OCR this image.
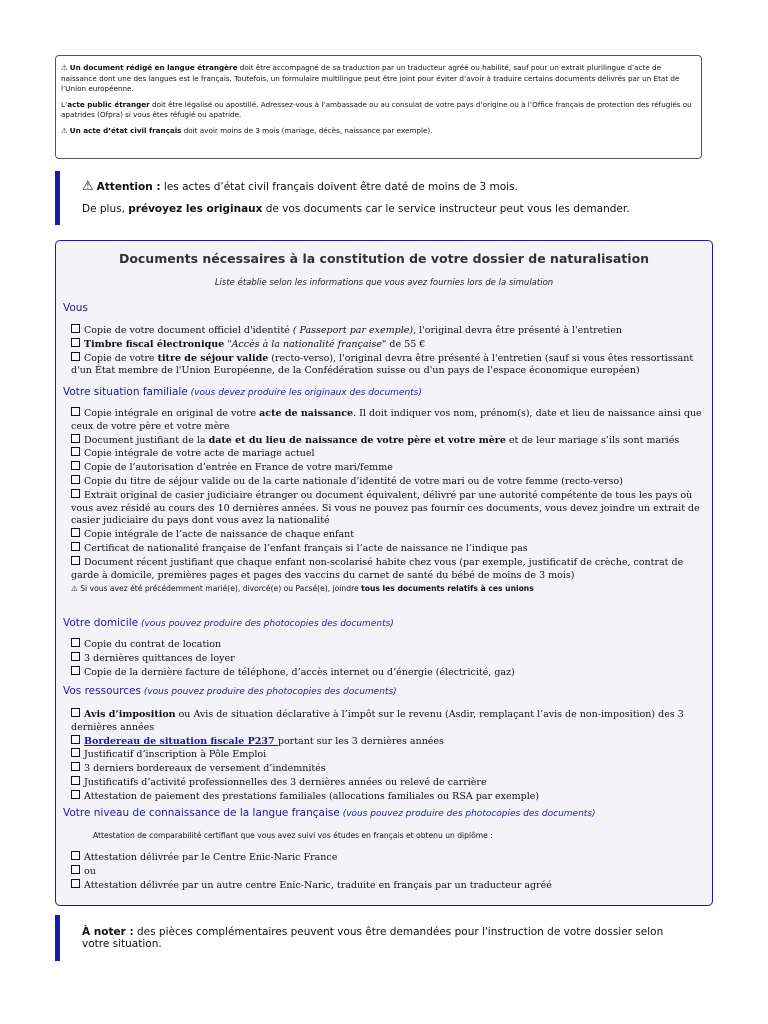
⚠ Un document rédigé en langue étrangère doit être accompagné de sa traduction par un traducteur agréé ou habilité, sauf pour un extrait plurilingue d’acte de naissance dont une des langues est le français. Toutefois, un formulaire multilingue peut être joint pour éviter d’avoir à traduire certains documents délivrés par un État de l’Union européenne.

L’acte public étranger doit être légalisé ou apostillé. Adressez-vous à l’ambassade ou au consulat de votre pays d’origine ou à l’Office français de protection des réfugiés ou apatrides (Ofpra) si vous êtes réfugié ou apatride.

⚠ Un acte d’état civil français doit avoir moins de 3 mois (mariage, décès, naissance par exemple).

⚠ Attention : les actes d’état civil français doivent être daté de moins de 3 mois.

De plus, prévoyez les originaux de vos documents car le service instructeur peut vous les demander.

Documents nécessaires à la constitution de votre dossier de naturalisation
Liste établie selon les informations que vous avez fournies lors de la simulation
Vous

Copie de votre document officiel d'identité ( Passeport par exemple), l'original devra être présenté à l'entretien

Timbre fiscal électronique "Accès à la nationalité française" de 55 €

Copie de votre titre de séjour valide (recto-verso), l'original devra être présenté à l'entretien (sauf si vous êtes ressortissant d'un État membre de l'Union Européenne, de la Confédération suisse ou d'un pays de l'espace économique européen)

Votre situation familiale (vous devez produire les originaux des documents)

Copie intégrale en original de votre acte de naissance. Il doit indiquer vos nom, prénom(s), date et lieu de naissance ainsi que ceux de votre père et votre mère

Document justifiant de la date et du lieu de naissance de votre père et votre mère et de leur mariage s’ils sont mariés

Copie intégrale de votre acte de mariage actuel

Copie de l’autorisation d’entrée en France de votre mari/femme

Copie du titre de séjour valide ou de la carte nationale d’identité de votre mari ou de votre femme (recto-verso)

Extrait original de casier judiciaire étranger ou document équivalent, délivré par une autorité compétente de tous les pays où vous avez résidé au cours des 10 dernières années. Si vous ne pouvez pas fournir ces documents, vous devez joindre un extrait de casier judiciaire du pays dont vous avez la nationalité

Copie intégrale de l’acte de naissance de chaque enfant

Certificat de nationalité française de l’enfant français si l’acte de naissance ne l’indique pas

Document récent justifiant que chaque enfant non-scolarisé habite chez vous (par exemple, justificatif de crèche, contrat de garde à domicile, premières pages et pages des vaccins du carnet de santé du bébé de moins de 3 mois)

⚠ Si vous avez été précédemment marié(e), divorcé(e) ou Pacsé(e), joindre tous les documents relatifs à ces unions
Votre domicile (vous pouvez produire des photocopies des documents)

Copie du contrat de location

3 dernières quittances de loyer

Copie de la dernière facture de téléphone, d’accès internet ou d’énergie (électricité, gaz)

Vos ressources (vous pouvez produire des photocopies des documents)

Avis d’imposition ou Avis de situation déclarative à l’impôt sur le revenu (Asdir, remplaçant l’avis de non-imposition) des 3 dernières années

Bordereau de situation fiscale P237 portant sur les 3 dernières années

Justificatif d’inscription à Pôle Emploi

3 derniers bordereaux de versement d’indemnités

Justificatifs d’activité professionnelles des 3 dernières années ou relevé de carrière

Attestation de paiement des prestations familiales (allocations familiales ou RSA par exemple)

Votre niveau de connaissance de la langue française (vous pouvez produire des photocopies des documents)
Attestation de comparabilité certifiant que vous avez suivi vos études en français et obtenu un diplôme :

Attestation délivrée par le Centre Enic-Naric France

ou

Attestation délivrée par un autre centre Enic-Naric, traduite en français par un traducteur agréé

À noter : des pièces complémentaires peuvent vous être demandées pour l'instruction de votre dossier selon votre situation.
